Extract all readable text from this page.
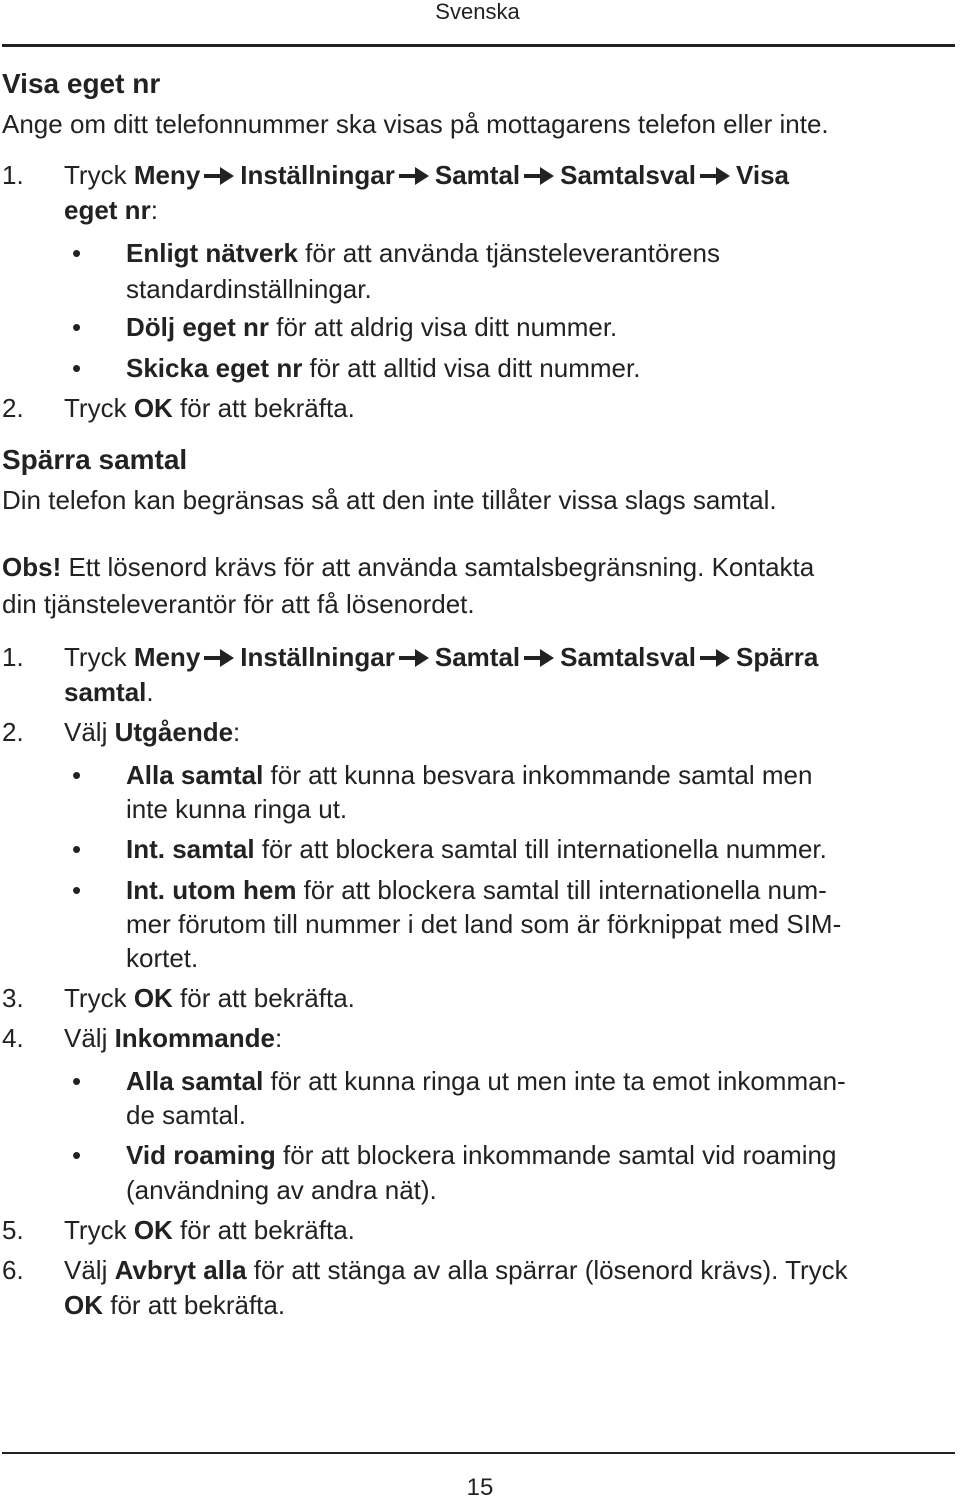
Svenska
Visa eget nr
Ange om ditt telefonnummer ska visas på mottagarens telefon eller inte.
1. Tryck Meny Inställningar Samtal Samtalsval Visa
eget nr:
• Enligt nätverk för att använda tjänsteleverantörens
standardinställningar.
• Dölj eget nr för att aldrig visa ditt nummer.
• Skicka eget nr för att alltid visa ditt nummer.
2. Tryck OK för att bekräfta.
Spärra samtal
Din telefon kan begränsas så att den inte tillåter vissa slags samtal.
Obs! Ett lösenord krävs för att använda samtalsbegränsning. Kontakta
din tjänsteleverantör för att få lösenordet.
1. Tryck Meny Inställningar Samtal Samtalsval Spärra
samtal.
2. Välj Utgående:
• Alla samtal för att kunna besvara inkommande samtal men
inte kunna ringa ut.
• Int. samtal för att blockera samtal till internationella nummer.
• Int. utom hem för att blockera samtal till internationella num-
mer förutom till nummer i det land som är förknippat med SIM-
kortet.
3. Tryck OK för att bekräfta.
4. Välj Inkommande:
• Alla samtal för att kunna ringa ut men inte ta emot inkomman-
de samtal.
• Vid roaming för att blockera inkommande samtal vid roaming
(användning av andra nät).
5. Tryck OK för att bekräfta.
6. Välj Avbryt alla för att stänga av alla spärrar (lösenord krävs). Tryck
OK för att bekräfta.
15
